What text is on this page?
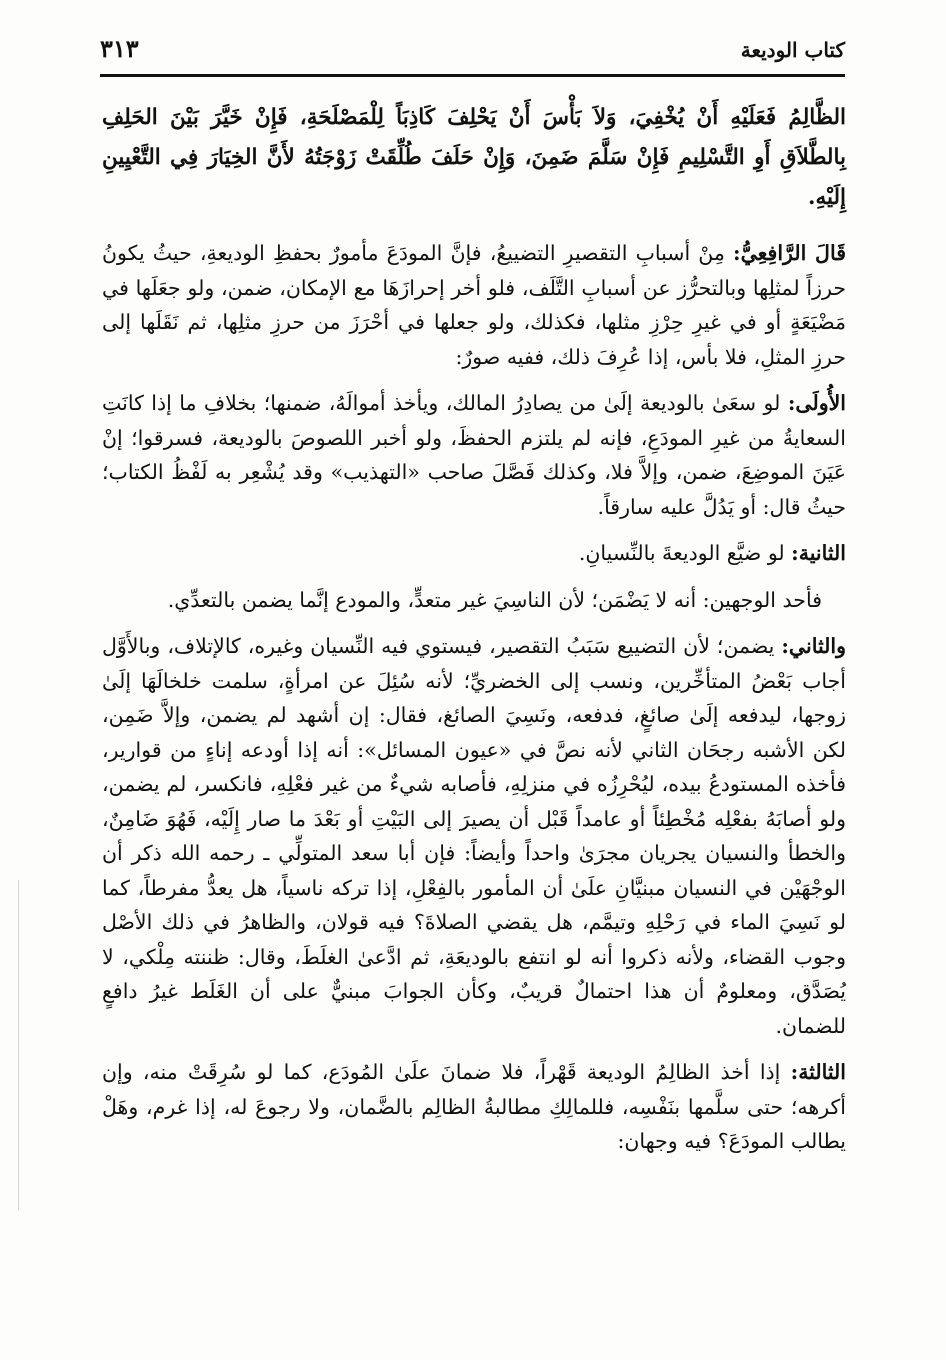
كتاب الوديعة
٣١٣

الظَّالِمُ فَعَلَيْهِ أَنْ يُخْفِيَ، وَلاَ بَأْسَ أَنْ يَحْلِفَ كَاذِبَاً لِلْمَصْلَحَةِ، فَإِنْ خَيَّرَ بَيْنَ الحَلِفِ بِالطَّلاَقِ أَوِ التَّسْلِيمِ فَإِنْ سَلَّمَ ضَمِنَ، وَإِنْ حَلَفَ طُلِّقَتْ زَوْجَتُهُ لأَنَّ الخِيَارَ فِي التَّعْيِينِ إِلَيْهِ.

قَالَ الرَّافِعِيُّ: مِنْ أسبابِ التقصيرِ التضييعُ، فإنَّ المودَعَ مأمورٌ بحفظِ الوديعةِ، حيثُ يكونُ حرزاً لمثلِها وبالتحرُّز عن أسبابِ التَّلَف، فلو أخر إحرازَهَا مع الإمكان، ضمن، ولو جعَلَها في مَضْيَعَةٍ أو في غيرِ حِرْزِ مثلها، فكذلك، ولو جعلها في أحْرَزَ من حرزِ مثلِها، ثم نَقَلَها إلى حرزِ المثلِ، فلا بأس، إذا عُرِفَ ذلك، ففيه صورٌ:

الأُولَى: لو سعَىٰ بالوديعة إلَىٰ من يصادِرُ المالك، ويأخذ أموالَهُ، ضمنها؛ بخلافِ ما إذا كانَتِ السعايةُ من غيرِ المودَعِ، فإنه لم يلتزم الحفظَ، ولو أخبر اللصوصَ بالوديعة، فسرقوا؛ إنْ عَيَنَ الموضِعَ، ضمن، وإلاَّ فلا، وكذلك فَصَّلَ صاحب «التهذيب» وقد يُشْعِر به لَفْظُ الكتاب؛ حيثُ قال: أو يَدُلَّ عليه سارقاً.

الثانية: لو ضيَّع الوديعةَ بالنِّسيانِ.

فأحد الوجهين: أنه لا يَضْمَن؛ لأن الناسِيَ غير متعدٍّ، والمودع إنَّما يضمن بالتعدِّي.

والثاني: يضمن؛ لأن التضييع سَبَبُ التقصير، فيستوي فيه النِّسيان وغيره، كالإتلاف، وبالأَوَّل أجاب بَعْضُ المتأخِّرين، ونسب إلى الخضريِّ؛ لأنه سُئِلَ عن امرأةٍ، سلمت خلخالَهَا إلَىٰ زوجها، ليدفعه إلَىٰ صائغٍ، فدفعه، ونَسِيَ الصائغ، فقال: إن أشهد لم يضمن، وإلاَّ ضَمِن، لكن الأشبه رجحَان الثاني لأنه نصَّ في «عيون المسائل»: أنه إذا أودعه إناءٍ من قوارير، فأخذه المستودعُ بيده، ليُحْرِزُه في منزلِهِ، فأصابه شيءٌ من غير فعْلِهِ، فانكسر، لم يضمن، ولو أصابَهُ بفعْلِه مُخْطِئاً أو عامداً قَبْل أن يصيرَ إلى البَيْتِ أو بَعْدَ ما صار إِلَيْه، فَهُوَ ضَامِنٌ، والخطأ والنسيان يجريان مجرَىٰ واحداً وأيضاً: فإن أبا سعد المتولِّي ـ رحمه الله ذكر أن الوجْهَيْن في النسيان مبنيَّانِ علَىٰ أن المأمور بالفِعْلِ، إذا تركه ناسياً، هل يعدُّ مفرطاً، كما لو نَسِيَ الماء في رَحْلِهِ وتيمَّم، هل يقضي الصلاةَ؟ فيه قولان، والظاهرُ في ذلك الأصْل وجوب القضاء، ولأنه ذكروا أنه لو انتفع بالوديعَةِ، ثم ادَّعىٰ الغلَطَ، وقال: ظننته مِلْكي، لا يُصَدَّق، ومعلومٌ أن هذا احتمالٌ قريبٌ، وكأن الجوابَ مبنيٌّ على أن الغَلَط غيرُ دافعٍ للضمان.

الثالثة: إذا أخذ الظالِمُ الوديعة قَهْراً، فلا ضمانَ علَىٰ المُودَع، كما لو سُرِقَتْ منه، وإن أكرهه؛ حتى سلَّمها بنَفْسِه، فللمالِكِ مطالبةُ الظالِم بالضَّمان، ولا رجوعَ له، إذا غرم، وهَلْ يطالب المودَعَ؟ فيه وجهان:
